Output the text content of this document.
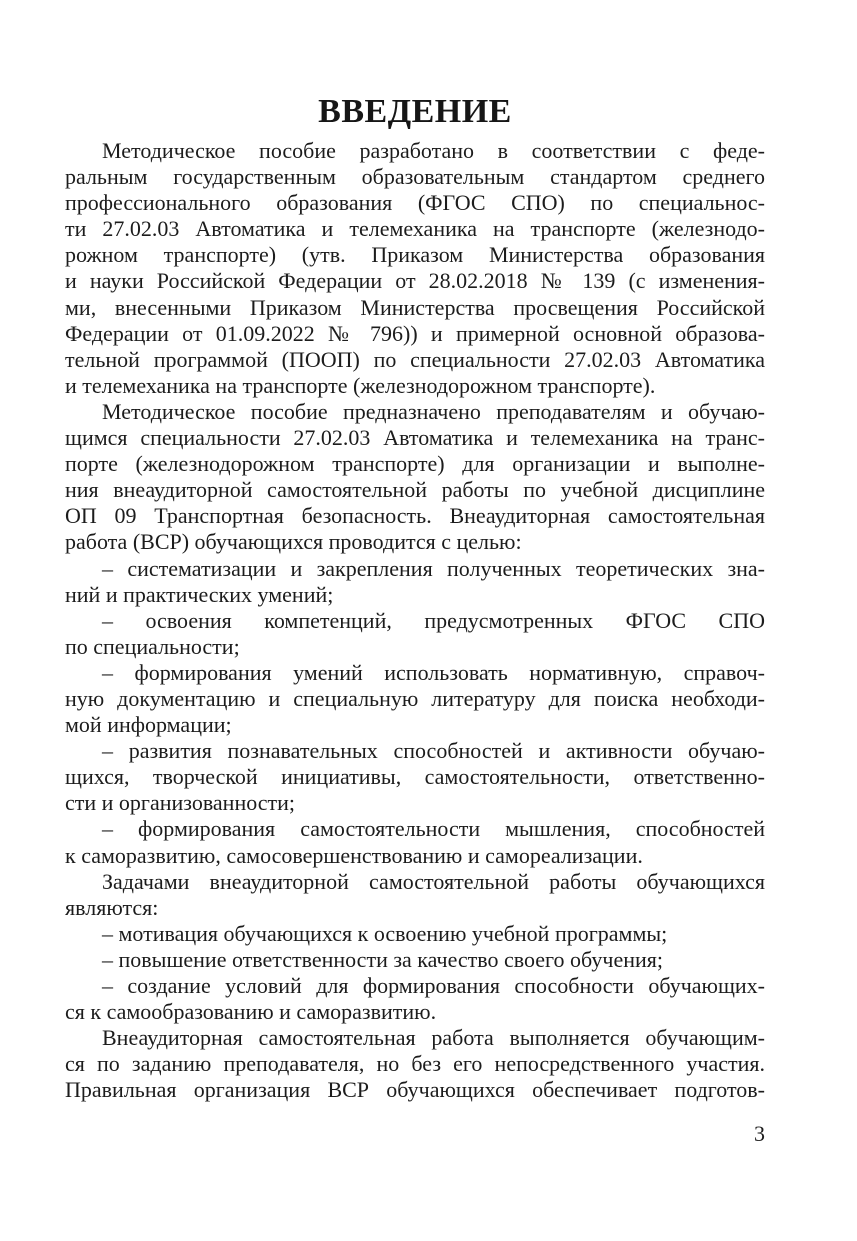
ВВЕДЕНИЕ
Методическое пособие разработано в соответствии с феде-
ральным государственным образовательным стандартом среднего
профессионального образования (ФГОС СПО) по специальнос-
ти 27.02.03 Автоматика и телемеханика на транспорте (железнодо-
рожном транспорте) (утв. Приказом Министерства образования
и науки Российской Федерации от 28.02.2018 № 139 (с изменения-
ми, внесенными Приказом Министерства просвещения Российской
Федерации от 01.09.2022 № 796)) и примерной основной образова-
тельной программой (ПООП) по специальности 27.02.03 Автоматика
и телемеханика на транспорте (железнодорожном транспорте).
Методическое пособие предназначено преподавателям и обучаю-
щимся специальности 27.02.03 Автоматика и телемеханика на транс-
порте (железнодорожном транспорте) для организации и выполне-
ния внеаудиторной самостоятельной работы по учебной дисциплине
ОП 09 Транспортная безопасность. Внеаудиторная самостоятельная
работа (ВСР) обучающихся проводится с целью:
– систематизации и закрепления полученных теоретических зна-
ний и практических умений;
– освоения компетенций, предусмотренных ФГОС СПО
по специальности;
– формирования умений использовать нормативную, справоч-
ную документацию и специальную литературу для поиска необходи-
мой информации;
– развития познавательных способностей и активности обучаю-
щихся, творческой инициативы, самостоятельности, ответственно-
сти и организованности;
– формирования самостоятельности мышления, способностей
к саморазвитию, самосовершенствованию и самореализации.
Задачами внеаудиторной самостоятельной работы обучающихся
являются:
– мотивация обучающихся к освоению учебной программы;
– повышение ответственности за качество своего обучения;
– создание условий для формирования способности обучающих-
ся к самообразованию и саморазвитию.
Внеаудиторная самостоятельная работа выполняется обучающим-
ся по заданию преподавателя, но без его непосредственного участия.
Правильная организация ВСР обучающихся обеспечивает подготов-
3
